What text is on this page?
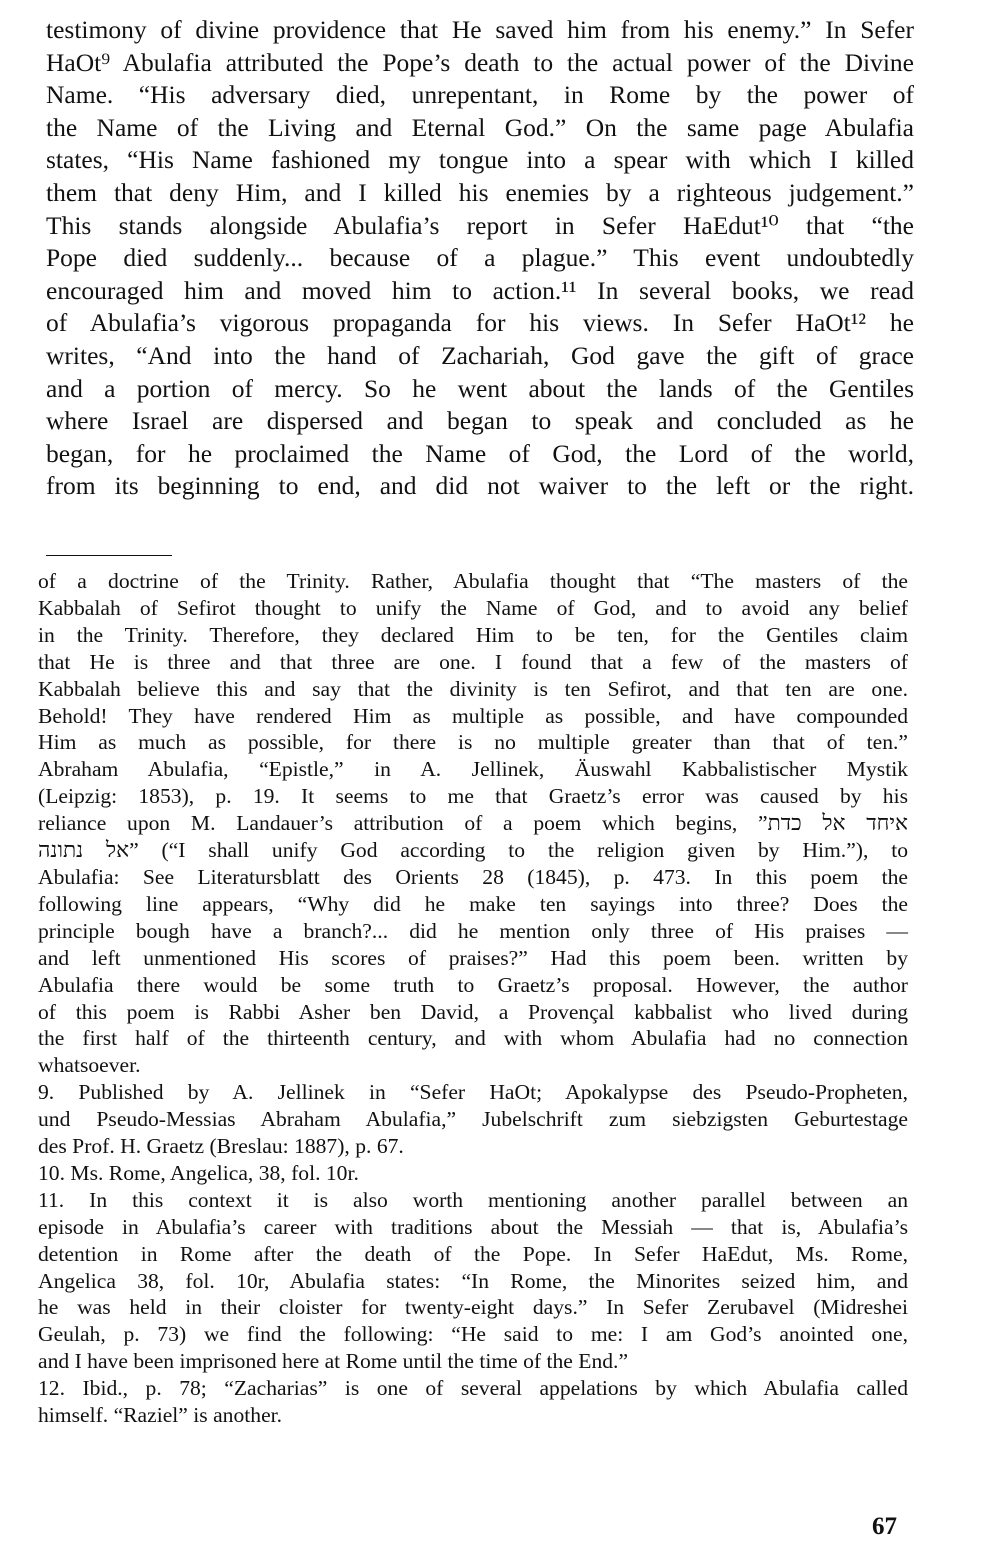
testimony of divine providence that He saved him from his enemy.” In Sefer
HaOt⁹ Abulafia attributed the Pope’s death to the actual power of the Divine
Name. “His adversary died, unrepentant, in Rome by the power of
the Name of the Living and Eternal God.” On the same page Abulafia
states, “His Name fashioned my tongue into a spear with which I killed
them that deny Him, and I killed his enemies by a righteous judgement.”
This stands alongside Abulafia’s report in Sefer HaEdut¹⁰ that “the
Pope died suddenly... because of a plague.” This event undoubtedly
encouraged him and moved him to action.¹¹ In several books, we read
of Abulafia’s vigorous propaganda for his views. In Sefer HaOt¹² he
writes, “And into the hand of Zachariah, God gave the gift of grace
and a portion of mercy. So he went about the lands of the Gentiles
where Israel are dispersed and began to speak and concluded as he
began, for he proclaimed the Name of God, the Lord of the world,
from its beginning to end, and did not waiver to the left or the right.
of a doctrine of the Trinity. Rather, Abulafia thought that “The masters of the
Kabbalah of Sefirot thought to unify the Name of God, and to avoid any belief
in the Trinity. Therefore, they declared Him to be ten, for the Gentiles claim
that He is three and that three are one. I found that a few of the masters of
Kabbalah believe this and say that the divinity is ten Sefirot, and that ten are one.
Behold! They have rendered Him as multiple as possible, and have compounded
Him as much as possible, for there is no multiple greater than that of ten.”
Abraham Abulafia, “Epistle,” in A. Jellinek, Äuswahl Kabbalistischer Mystik
(Leipzig: 1853), p. 19. It seems to me that Graetz’s error was caused by his
reliance upon M. Landauer’s attribution of a poem which begins, ”איחד אל כדת
אל נתונה” (“I shall unify God according to the religion given by Him.”), to
Abulafia: See Literatursblatt des Orients 28 (1845), p. 473. In this poem the
following line appears, “Why did he make ten sayings into three? Does the
principle bough have a branch?... did he mention only three of His praises —
and left unmentioned His scores of praises?” Had this poem been. written by
Abulafia there would be some truth to Graetz’s proposal. However, the author
of this poem is Rabbi Asher ben David, a Provençal kabbalist who lived during
the first half of the thirteenth century, and with whom Abulafia had no connection
whatsoever.
9. Published by A. Jellinek in “Sefer HaOt; Apokalypse des Pseudo-Propheten,
und Pseudo-Messias Abraham Abulafia,” Jubelschrift zum siebzigsten Geburtestage
des Prof. H. Graetz (Breslau: 1887), p. 67.
10. Ms. Rome, Angelica, 38, fol. 10r.
11. In this context it is also worth mentioning another parallel between an
episode in Abulafia’s career with traditions about the Messiah — that is, Abulafia’s
detention in Rome after the death of the Pope. In Sefer HaEdut, Ms. Rome,
Angelica 38, fol. 10r, Abulafia states: “In Rome, the Minorites seized him, and
he was held in their cloister for twenty-eight days.” In Sefer Zerubavel (Midreshei
Geulah, p. 73) we find the following: “He said to me: I am God’s anointed one,
and I have been imprisoned here at Rome until the time of the End.”
12. Ibid., p. 78; “Zacharias” is one of several appelations by which Abulafia called
himself. “Raziel” is another.
67
